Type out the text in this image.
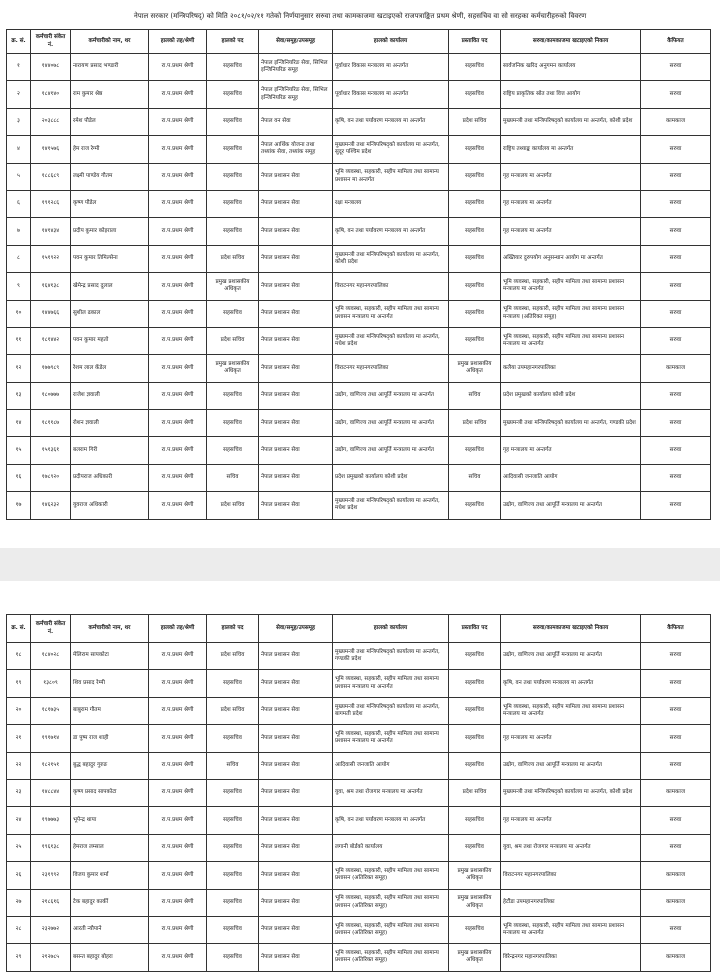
नेपाल सरकार (मन्त्रिपरिषद्) को मिति २०८१/०२/११ गतेको निर्णयानुसार सरुवा तथा कामकाजमा खटाइएको राजपत्राङ्कित प्रथम श्रेणी, सहसचिव वा सो सरहका कर्मचारीहरुको विवरण
क्र. सं.	कर्मचारी संकेत नं.	कर्मचारीको नाम, थर	हालको तह/श्रेणी	हालको पद	सेवा/समूह/उपसमूह	हालको कार्यालय	प्रस्तावित पद	सरुवा/कामकाजमा खटाइएको निकाय	कैफियत
१	१४४०७८	नारायण प्रसाद भण्डारी	रा.प.प्रथम श्रेणी	सहसचिव	नेपाल इन्जिनियरिङ सेवा, सिभिल इन्जिनियरिङ समूह	पूर्वाधार विकास मन्त्रालय मा अन्तर्गत	सहसचिव	सार्वजनिक खरिद अनुगमन कार्यालय	सरुवा
२	१८४१४०	राम कुमार श्रेष्ठ	रा.प.प्रथम श्रेणी	सहसचिव	नेपाल इन्जिनियरिङ सेवा, सिभिल इन्जिनियरिङ समूह	पूर्वाधार विकास मन्त्रालय मा अन्तर्गत	सहसचिव	राष्ट्रिय प्राकृतिक स्रोत तथा वित्त आयोग	सरुवा
३	२०३८८८	रमेश पौडेल	रा.प.प्रथम श्रेणी	सहसचिव	नेपाल वन सेवा	कृषि, वन तथा पर्यावरण मन्त्रालय मा अन्तर्गत	प्रदेश सचिव	मुख्यमन्त्री तथा मन्त्रिपरिषद्को कार्यालय मा अन्तर्गत, कोशी प्रदेश	कामकाज
४	१४१५७६	हेम राज रेग्मी	रा.प.प्रथम श्रेणी	सहसचिव	नेपाल आर्थिक योजना तथा तथ्यांक सेवा, तथ्यांक समूह	मुख्यमन्त्री तथा मन्त्रिपरिषद्को कार्यालय मा अन्तर्गत, सुदूर पश्चिम प्रदेश	सहसचिव	राष्ट्रिय तथ्याङ्क कार्यालय मा अन्तर्गत	सरुवा
५	१८८६८९	लक्ष्मी पाण्डेय गौतम	रा.प.प्रथम श्रेणी	सहसचिव	नेपाल प्रशासन सेवा	भूमि व्यवस्था, सहकारी, सहीप मामिला तथा सामान्य प्रशासन मा अन्तर्गत	सहसचिव	गृह मन्त्रालय मा अन्तर्गत	सरुवा
६	१९१२८६	कृष्ण पौडेल	रा.प.प्रथम श्रेणी	सहसचिव	नेपाल प्रशासन सेवा	रक्षा मन्त्रालय	सहसचिव	गृह मन्त्रालय मा अन्तर्गत	सरुवा
७	१४१४३४	प्रदीप कुमार कोइराला	रा.प.प्रथम श्रेणी	सहसचिव	नेपाल प्रशासन सेवा	कृषि, वन तथा पर्यावरण मन्त्रालय मा अन्तर्गत	सहसचिव	गृह मन्त्रालय मा अन्तर्गत	सरुवा
८	१५१९२२	पवन कुमार तिमिल्सेना	रा.प.प्रथम श्रेणी	प्रदेश सचिव	नेपाल प्रशासन सेवा	मुख्यमन्त्री तथा मन्त्रिपरिषद्को कार्यालय मा अन्तर्गत, कोशी प्रदेश	सहसचिव	अख्तियार दुरुपयोग अनुसन्धान आयोग मा अन्तर्गत	सरुवा
९	१६४१३८	खेमेन्द्र प्रसाद दुलाल	रा.प.प्रथम श्रेणी	प्रमुख प्रशासकीय अधिकृत	नेपाल प्रशासन सेवा	विराटनगर महानगरपालिका	सहसचिव	भूमि व्यवस्था, सहकारी, सहीप मामिला तथा सामान्य प्रशासन मन्त्रालय मा अन्तर्गत	सरुवा
१०	१४४७६६	सुशील ढकाल	रा.प.प्रथम श्रेणी	सहसचिव	नेपाल प्रशासन सेवा	भूमि व्यवस्था, सहकारी, सहीप मामिला तथा सामान्य प्रशासन मन्त्रालय मा अन्तर्गत	सहसचिव	भूमि व्यवस्था, सहकारी, सहीप मामिला तथा सामान्य प्रशासन मन्त्रालय (अतिरिक्त समूह)	सरुवा
११	१८१४४२	पवन कुमार महतो	रा.प.प्रथम श्रेणी	प्रदेश सचिव	नेपाल प्रशासन सेवा	मुख्यमन्त्री तथा मन्त्रिपरिषद्को कार्यालय मा अन्तर्गत, मधेश प्रदेश	सहसचिव	भूमि व्यवस्था, सहकारी, सहीप मामिला तथा सामान्य प्रशासन मन्त्रालय मा अन्तर्गत	सरुवा
१२	१७७९८९	रेशम लाल कँडेल	रा.प.प्रथम श्रेणी	प्रमुख प्रशासकीय अधिकृत	नेपाल प्रशासन सेवा	विराटनगर महानगरपालिका	प्रमुख प्रशासकीय अधिकृत	कलैया उपमहानगरपालिका	कामकाज
१३	१८०७७७	राजेश ज्ञवाली	रा.प.प्रथम श्रेणी	सहसचिव	नेपाल प्रशासन सेवा	उद्योग, वाणिज्य तथा आपूर्ति मन्त्रालय मा अन्तर्गत	सचिव	प्रदेश प्रमुखको कार्यालय कोशी प्रदेश	सरुवा
१४	१८११८७	रोशन ज्ञवाली	रा.प.प्रथम श्रेणी	सहसचिव	नेपाल प्रशासन सेवा	उद्योग, वाणिज्य तथा आपूर्ति मन्त्रालय मा अन्तर्गत	प्रदेश सचिव	मुख्यमन्त्री तथा मन्त्रिपरिषद्को कार्यालय मा अन्तर्गत, गण्डकी प्रदेश	सरुवा
१५	१५१३६१	बलराम गिरी	रा.प.प्रथम श्रेणी	सहसचिव	नेपाल प्रशासन सेवा	उद्योग, वाणिज्य तथा आपूर्ति मन्त्रालय मा अन्तर्गत	सहसचिव	गृह मन्त्रालय मा अन्तर्गत	सरुवा
१६	१७८९२०	प्रदीपराज अधिकारी	रा.प.प्रथम श्रेणी	सचिव	नेपाल प्रशासन सेवा	प्रदेश प्रमुखको कार्यालय कोशी प्रदेश	सचिव	आदिवासी जनजाति आयोग	सरुवा
१७	१४६२३२	युवराज अधिकारी	रा.प.प्रथम श्रेणी	प्रदेश सचिव	नेपाल प्रशासन सेवा	मुख्यमन्त्री तथा मन्त्रिपरिषद्को कार्यालय मा अन्तर्गत, मधेश प्रदेश	सहसचिव	उद्योग, वाणिज्य तथा आपूर्ति मन्त्रालय मा अन्तर्गत	सरुवा
क्र. सं.	कर्मचारी संकेत नं.	कर्मचारीको नाम, थर	हालको तह/श्रेणी	हालको पद	सेवा/समूह/उपसमूह	हालको कार्यालय	प्रस्तावित पद	सरुवा/कामकाजमा खटाइएको निकाय	कैफियत
१८	१८४०२८	मेलिराम सापकोटा	रा.प.प्रथम श्रेणी	प्रदेश सचिव	नेपाल प्रशासन सेवा	मुख्यमन्त्री तथा मन्त्रिपरिषद्को कार्यालय मा अन्तर्गत, गण्डकी प्रदेश	सहसचिव	उद्योग, वाणिज्य तथा आपूर्ति मन्त्रालय मा अन्तर्गत	सरुवा
१९	१३८०९	शिव प्रसाद रेग्मी	रा.प.प्रथम श्रेणी	सहसचिव	नेपाल प्रशासन सेवा	भूमि व्यवस्था, सहकारी, सहीप मामिला तथा सामान्य प्रशासन मन्त्रालय मा अन्तर्गत	सहसचिव	कृषि, वन तथा पर्यावरण मन्त्रालय मा अन्तर्गत	सरुवा
२०	१८१७३५	बाबुराम गौतम	रा.प.प्रथम श्रेणी	प्रदेश सचिव	नेपाल प्रशासन सेवा	मुख्यमन्त्री तथा मन्त्रिपरिषद्को कार्यालय मा अन्तर्गत, बागमती प्रदेश	सहसचिव	भूमि व्यवस्था, सहकारी, सहीप मामिला तथा सामान्य प्रशासन मन्त्रालय मा अन्तर्गत	सरुवा
२१	१९१७१४	डा पुष्प राज शाही	रा.प.प्रथम श्रेणी	सहसचिव	नेपाल प्रशासन सेवा	भूमि व्यवस्था, सहकारी, सहीप मामिला तथा सामान्य प्रशासन मन्त्रालय मा अन्तर्गत	सहसचिव	गृह मन्त्रालय मा अन्तर्गत	सरुवा
२२	१८२१५१	बुद्ध बहादुर गुरुङ	रा.प.प्रथम श्रेणी	सचिव	नेपाल प्रशासन सेवा	आदिवासी जनजाति आयोग	सहसचिव	उद्योग, वाणिज्य तथा आपूर्ति मन्त्रालय मा अन्तर्गत	सरुवा
२३	१४८८४४	कृष्ण प्रसाद सापकोटा	रा.प.प्रथम श्रेणी	सहसचिव	नेपाल प्रशासन सेवा	युवा, श्रम तथा रोजगार मन्त्रालय मा अन्तर्गत	प्रदेश सचिव	मुख्यमन्त्री तथा मन्त्रिपरिषद्को कार्यालय मा अन्तर्गत, कोशी प्रदेश	कामकाज
२४	१९७७७३	भूपेन्द्र थापा	रा.प.प्रथम श्रेणी	सहसचिव	नेपाल प्रशासन सेवा	कृषि, वन तथा पर्यावरण मन्त्रालय मा अन्तर्गत	सहसचिव	गृह मन्त्रालय मा अन्तर्गत	सरुवा
२५	१९६१३८	हेमराज लम्साल	रा.प.प्रथम श्रेणी	सहसचिव	नेपाल प्रशासन सेवा	लगानी बोर्डको कार्यालय	सहसचिव	युवा, श्रम तथा रोजगार मन्त्रालय मा अन्तर्गत	सरुवा
२६	२३१९९२	विजय कुमार शर्मा	रा.प.प्रथम श्रेणी	सहसचिव	नेपाल प्रशासन सेवा	भूमि व्यवस्था, सहकारी, सहीप मामिला तथा सामान्य प्रशासन (अतिरिक्त समूह)	प्रमुख प्रशासकीय अधिकृत	विराटनगर महानगरपालिका	कामकाज
२७	२१८६१६	टेक बहादुर कार्की	रा.प.प्रथम श्रेणी	सहसचिव	नेपाल प्रशासन सेवा	भूमि व्यवस्था, सहकारी, सहीप मामिला तथा सामान्य प्रशासन (अतिरिक्त समूह)	प्रमुख प्रशासकीय अधिकृत	हेटौंडा उपमहानगरपालिका	कामकाज
२८	२३२७७२	आरती न्यौपाने	रा.प.प्रथम श्रेणी	सहसचिव	नेपाल प्रशासन सेवा	भूमि व्यवस्था, सहकारी, सहीप मामिला तथा सामान्य प्रशासन (अतिरिक्त समूह)	सहसचिव	भूमि व्यवस्था, सहकारी, सहीप मामिला तथा सामान्य प्रशासन मन्त्रालय मा अन्तर्गत	सरुवा
२९	२१२७८५	बसन्त बहादुर बोहरा	रा.प.प्रथम श्रेणी	सहसचिव	नेपाल प्रशासन सेवा	भूमि व्यवस्था, सहकारी, सहीप मामिला तथा सामान्य प्रशासन (अतिरिक्त समूह)	प्रमुख प्रशासकीय अधिकृत	विरेन्द्रनगर महानगरपालिका	कामकाज
